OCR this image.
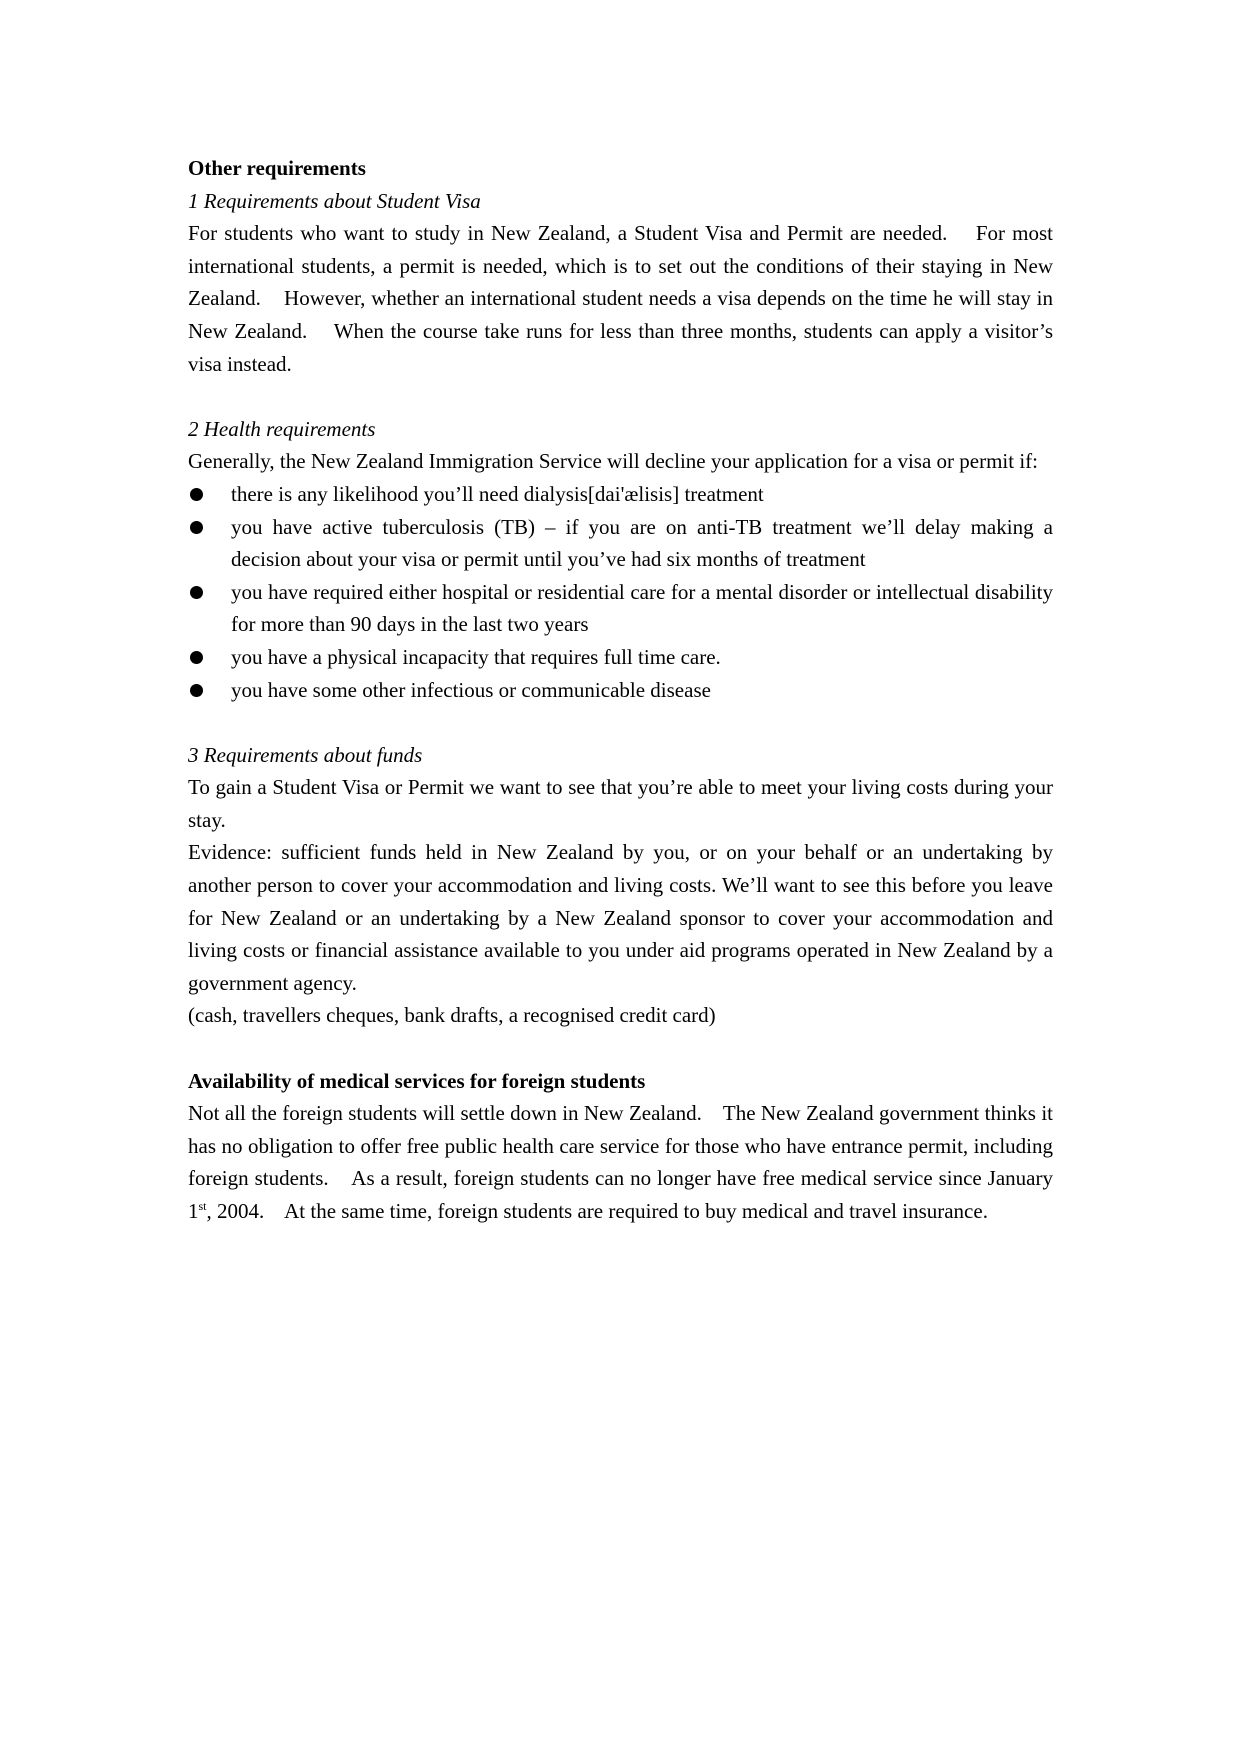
Other requirements

1 Requirements about Student Visa

For students who want to study in New Zealand, a Student Visa and Permit are needed.    For most international students, a permit is needed, which is to set out the conditions of their staying in New Zealand.    However, whether an international student needs a visa depends on the time he will stay in New Zealand.    When the course take runs for less than three months, students can apply a visitor’s visa instead.

2 Health requirements

Generally, the New Zealand Immigration Service will decline your application for a visa or permit if:

there is any likelihood you’ll need dialysis[dai'ælisis] treatment
you have active tuberculosis (TB) – if you are on anti-TB treatment we’ll delay making a decision about your visa or permit until you’ve had six months of treatment
you have required either hospital or residential care for a mental disorder or intellectual disability for more than 90 days in the last two years
you have a physical incapacity that requires full time care.
you have some other infectious or communicable disease

3 Requirements about funds

To gain a Student Visa or Permit we want to see that you’re able to meet your living costs during your stay.

Evidence: sufficient funds held in New Zealand by you, or on your behalf or an undertaking by another person to cover your accommodation and living costs. We’ll want to see this before you leave for New Zealand or an undertaking by a New Zealand sponsor to cover your accommodation and living costs or financial assistance available to you under aid programs operated in New Zealand by a government agency.

(cash, travellers cheques, bank drafts, a recognised credit card)

Availability of medical services for foreign students

Not all the foreign students will settle down in New Zealand.    The New Zealand government thinks it has no obligation to offer free public health care service for those who have entrance permit, including foreign students.    As a result, foreign students can no longer have free medical service since January 1st, 2004.    At the same time, foreign students are required to buy medical and travel insurance.
